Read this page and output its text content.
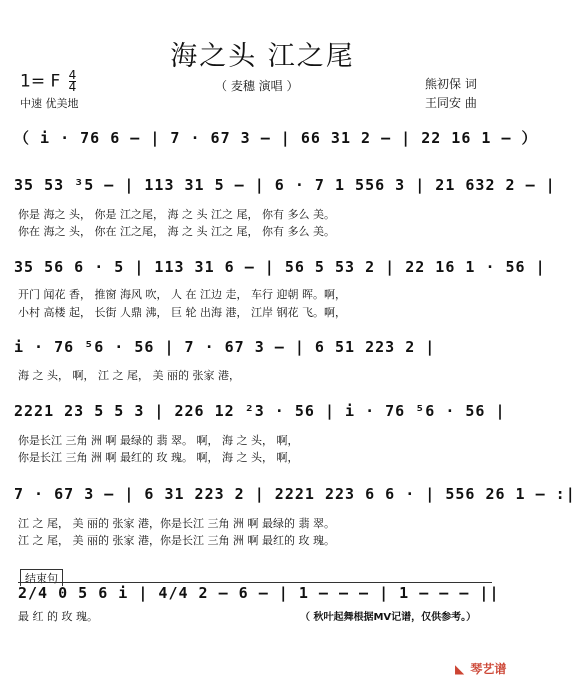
海之头 江之尾
1= F $\frac{4}{4}$
中速 优美地
（ 麦穗 演唱 ）	熊初保 词
王同安 曲
（ i · 76 6 – | 7 · 67 3 – | 66 31 2 – | 22 16 1 – ）
35 53 ³5 – | 113 31 5 – | 6 · 7 1 556 3 | 21 632 2 – |
你是 海之 头， 你是 江之尾， 海 之 头 江之 尾， 你有 多么 美。
你在 海之 头， 你在 江之尾， 海 之 头 江之 尾， 你有 多么 美。
35 56 6 · 5 | 113 31 6 – | 56 5 53 2 | 22 16 1 · 56 |
开门 闻花 香， 推窗 海风 吹， 人 在 江边 走， 车行 迎朝 晖。啊，
小村 高楼 起， 长街 人鼎 沸， 巨 轮 出海 港， 江岸 钢花 飞。啊，
i · 76 ⁵6 · 56 | 7 · 67 3 – | 6 51 223 2 |
海 之 头， 啊， 江 之 尾， 美 丽的 张家 港，
2221 23 5 5 3 | 226 12 ²3 · 56 | i · 76 ⁵6 · 56 |
你是长江 三角 洲 啊 最绿的 翡 翠。 啊， 海 之 头， 啊，
你是长江 三角 洲 啊 最红的 玫 瑰。 啊， 海 之 头， 啊，
7 · 67 3 – | 6 31 223 2 | 2221 223 6 6 · | 556 26 1 – :|
江 之 尾， 美 丽的 张家 港，你是长江 三角 洲 啊 最绿的 翡 翠。
江 之 尾， 美 丽的 张家 港，你是长江 三角 洲 啊 最红的 玫 瑰。
结束句
2/4 0 5 6 i | 4/4 2 – 6 – | 1 – – – | 1 – – – ||
最 红 的 玫 瑰。	（ 秋叶起舞根据MV记谱，仅供参考。）
◣ 琴艺谱
